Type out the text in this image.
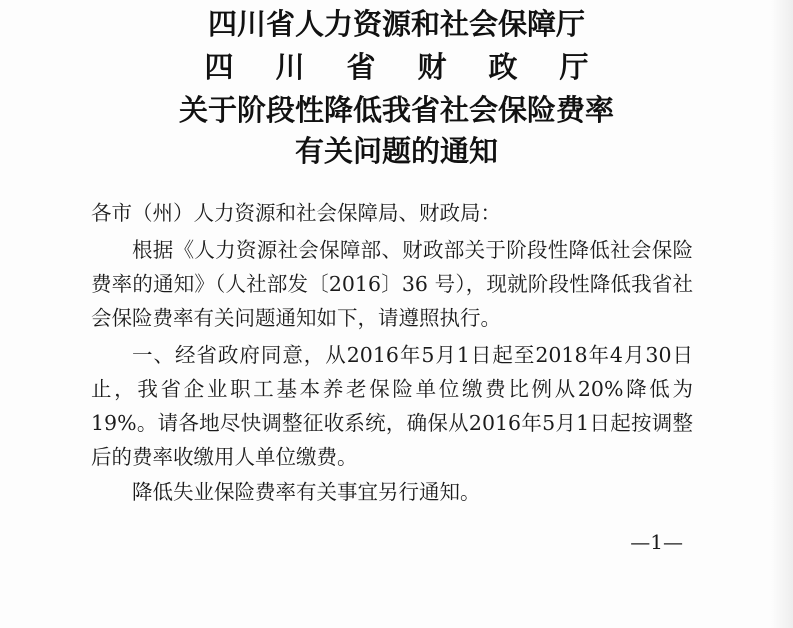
四川省人力资源和社会保障厅
四川省财政厅
关于阶段性降低我省社会保险费率
有关问题的通知
各市（州）人力资源和社会保障局、财政局：
根据《人力资源社会保障部、财政部关于阶段性降低社会保险费率的通知》（人社部发〔2016〕36 号），现就阶段性降低我省社会保险费率有关问题通知如下，请遵照执行。
一、经省政府同意，从2016年5月1日起至2018年4月30日止，我省企业职工基本养老保险单位缴费比例从20%降低为19%。请各地尽快调整征收系统，确保从2016年5月1日起按调整后的费率收缴用人单位缴费。
降低失业保险费率有关事宜另行通知。
—1—
